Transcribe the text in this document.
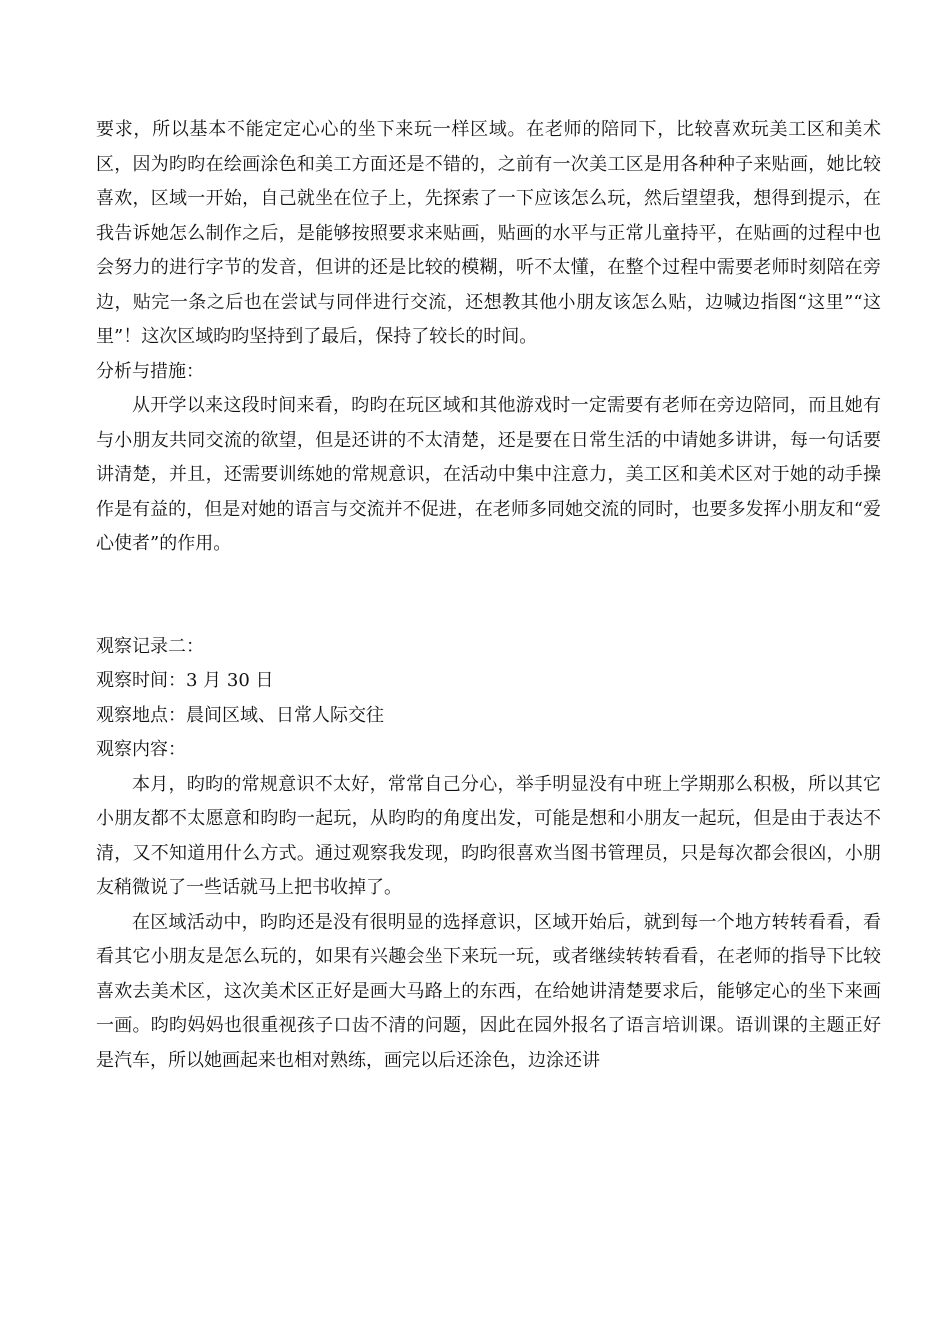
要求，所以基本不能定定心心的坐下来玩一样区域。在老师的陪同下，比较喜欢玩美工区和美术区，因为昀昀在绘画涂色和美工方面还是不错的，之前有一次美工区是用各种种子来贴画，她比较喜欢，区域一开始，自己就坐在位子上，先探索了一下应该怎么玩，然后望望我，想得到提示，在我告诉她怎么制作之后，是能够按照要求来贴画，贴画的水平与正常儿童持平，在贴画的过程中也会努力的进行字节的发音，但讲的还是比较的模糊，听不太懂，在整个过程中需要老师时刻陪在旁边，贴完一条之后也在尝试与同伴进行交流，还想教其他小朋友该怎么贴，边喊边指图“这里”“这里”！这次区域昀昀坚持到了最后，保持了较长的时间。

分析与措施：

从开学以来这段时间来看，昀昀在玩区域和其他游戏时一定需要有老师在旁边陪同，而且她有与小朋友共同交流的欲望，但是还讲的不太清楚，还是要在日常生活的中请她多讲讲，每一句话要讲清楚，并且，还需要训练她的常规意识，在活动中集中注意力，美工区和美术区对于她的动手操作是有益的，但是对她的语言与交流并不促进，在老师多同她交流的同时，也要多发挥小朋友和“爱心使者”的作用。

观察记录二：

观察时间：3 月 30 日

观察地点：晨间区域、日常人际交往

观察内容：

本月，昀昀的常规意识不太好，常常自己分心，举手明显没有中班上学期那么积极，所以其它小朋友都不太愿意和昀昀一起玩，从昀昀的角度出发，可能是想和小朋友一起玩，但是由于表达不清，又不知道用什么方式。通过观察我发现，昀昀很喜欢当图书管理员，只是每次都会很凶，小朋友稍微说了一些话就马上把书收掉了。

在区域活动中，昀昀还是没有很明显的选择意识，区域开始后，就到每一个地方转转看看，看看其它小朋友是怎么玩的，如果有兴趣会坐下来玩一玩，或者继续转转看看，在老师的指导下比较喜欢去美术区，这次美术区正好是画大马路上的东西，在给她讲清楚要求后，能够定心的坐下来画一画。昀昀妈妈也很重视孩子口齿不清的问题，因此在园外报名了语言培训课。语训课的主题正好是汽车，所以她画起来也相对熟练，画完以后还涂色，边涂还讲
